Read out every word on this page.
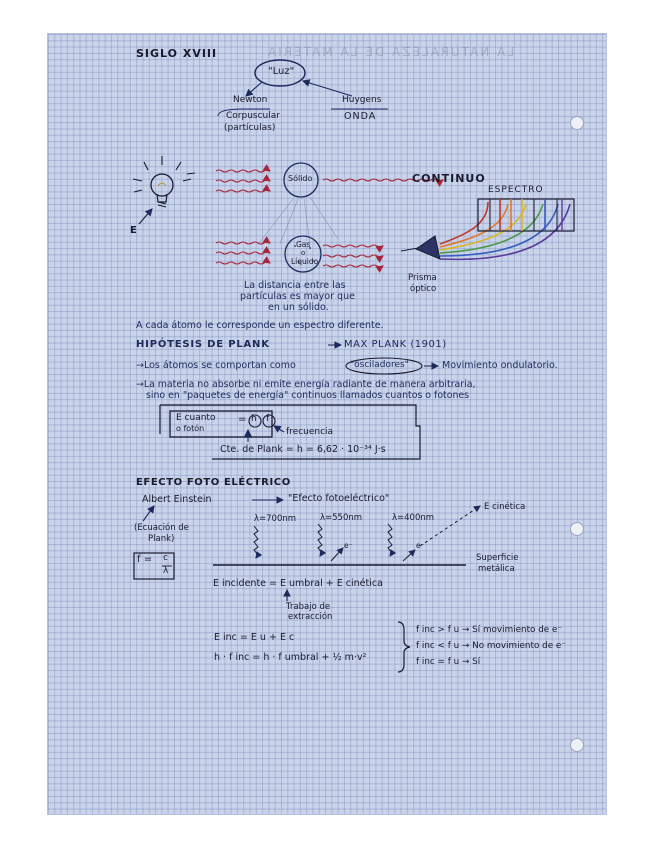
SIGLO XVIII	LA NATURALEZA DE LA MATERIA
"Luz"
Newton	Huygens
Corpuscular
(partículas)
ONDA
Sólido	CONTINUO
ESPECTRO
E
Gas
o
Líquido
Prisma
óptico
La distancia entre las
partículas es mayor que
en un sólido.
A cada átomo le corresponde un espectro diferente.
HIPÓTESIS DE PLANK	MAX PLANK (1901)
→Los átomos se comportan como	"osciladores"	Movimiento ondulatorio.
→La materia no absorbe ni emite energía radiante de manera arbitraria,
sino en "paquetes de energía" continuos llamados cuantos o fotones
E cuanto
o fotón
= h f
frecuencia
Cte. de Plank = h = 6,62 · 10⁻³⁴ J·s
EFECTO FOTO ELÉCTRICO
Albert Einstein	"Efecto fotoeléctrico"
(Ecuación de
Plank)
f = c
λ
λ=700nm	λ=550nm	λ=400nm
E cinética
e⁻	e⁻
Superficie
metálica
E incidente = E umbral + E cinética
Trabajo de
extracción
E inc = E u + E c
h · f inc = h · f umbral + ½ m·v²
f inc > f u → Sí movimiento de e⁻
f inc < f u → No movimiento de e⁻
f inc = f u → Sí
